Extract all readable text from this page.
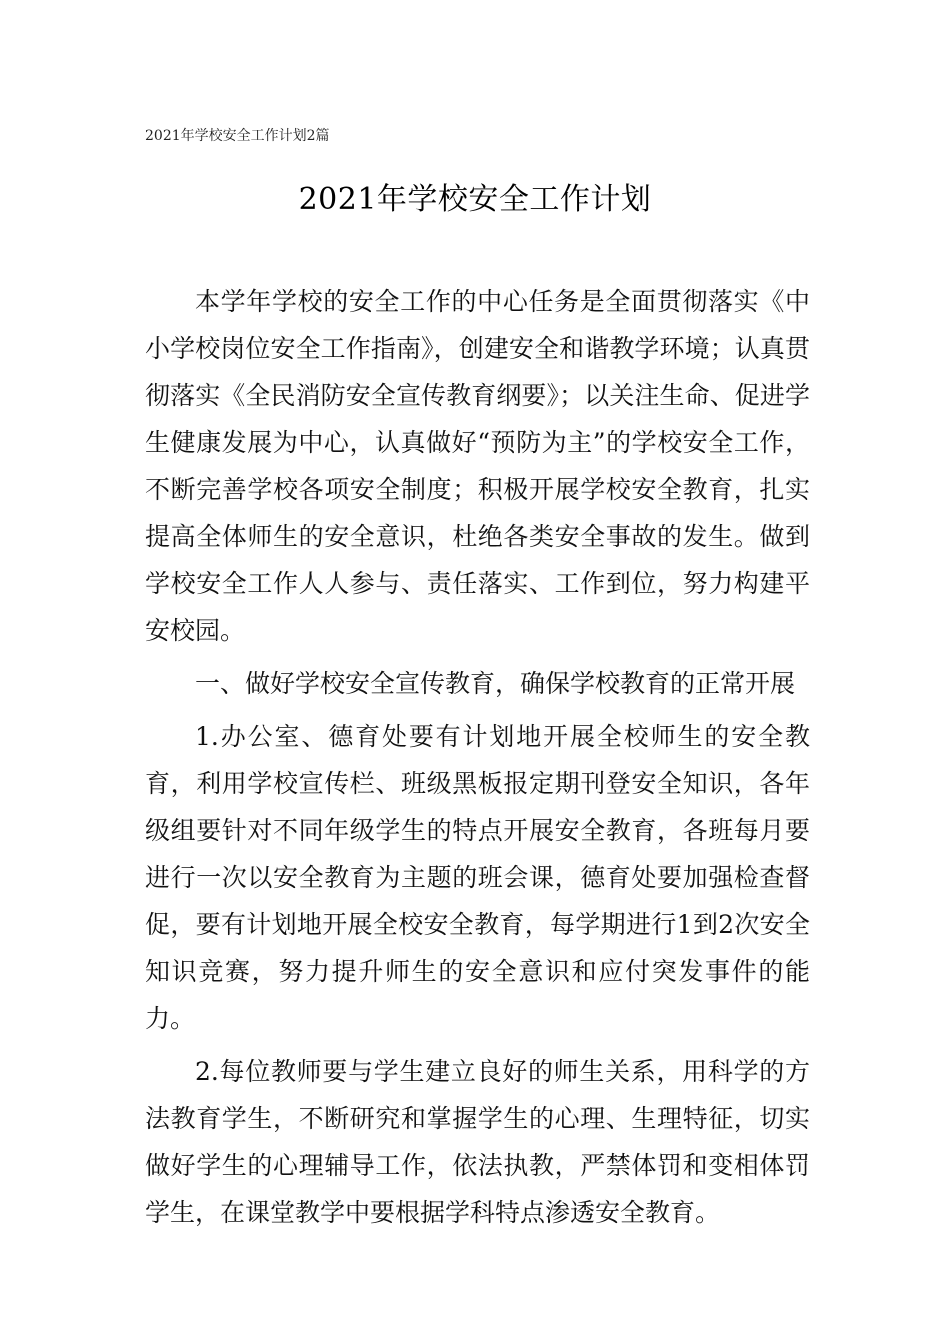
2021年学校安全工作计划2篇
2021年学校安全工作计划

本学年学校的安全工作的中心任务是全面贯彻落实《中小学校岗位安全工作指南》，创建安全和谐教学环境；认真贯彻落实《全民消防安全宣传教育纲要》；以关注生命、促进学生健康发展为中心，认真做好“预防为主”的学校安全工作，不断完善学校各项安全制度；积极开展学校安全教育，扎实提高全体师生的安全意识，杜绝各类安全事故的发生。做到学校安全工作人人参与、责任落实、工作到位，努力构建平安校园。

一、做好学校安全宣传教育，确保学校教育的正常开展

1.办公室、德育处要有计划地开展全校师生的安全教育，利用学校宣传栏、班级黑板报定期刊登安全知识，各年级组要针对不同年级学生的特点开展安全教育，各班每月要进行一次以安全教育为主题的班会课，德育处要加强检查督促，要有计划地开展全校安全教育，每学期进行1到2次安全知识竞赛，努力提升师生的安全意识和应付突发事件的能力。

2.每位教师要与学生建立良好的师生关系，用科学的方法教育学生，不断研究和掌握学生的心理、生理特征，切实做好学生的心理辅导工作，依法执教，严禁体罚和变相体罚学生，在课堂教学中要根据学科特点渗透安全教育。
